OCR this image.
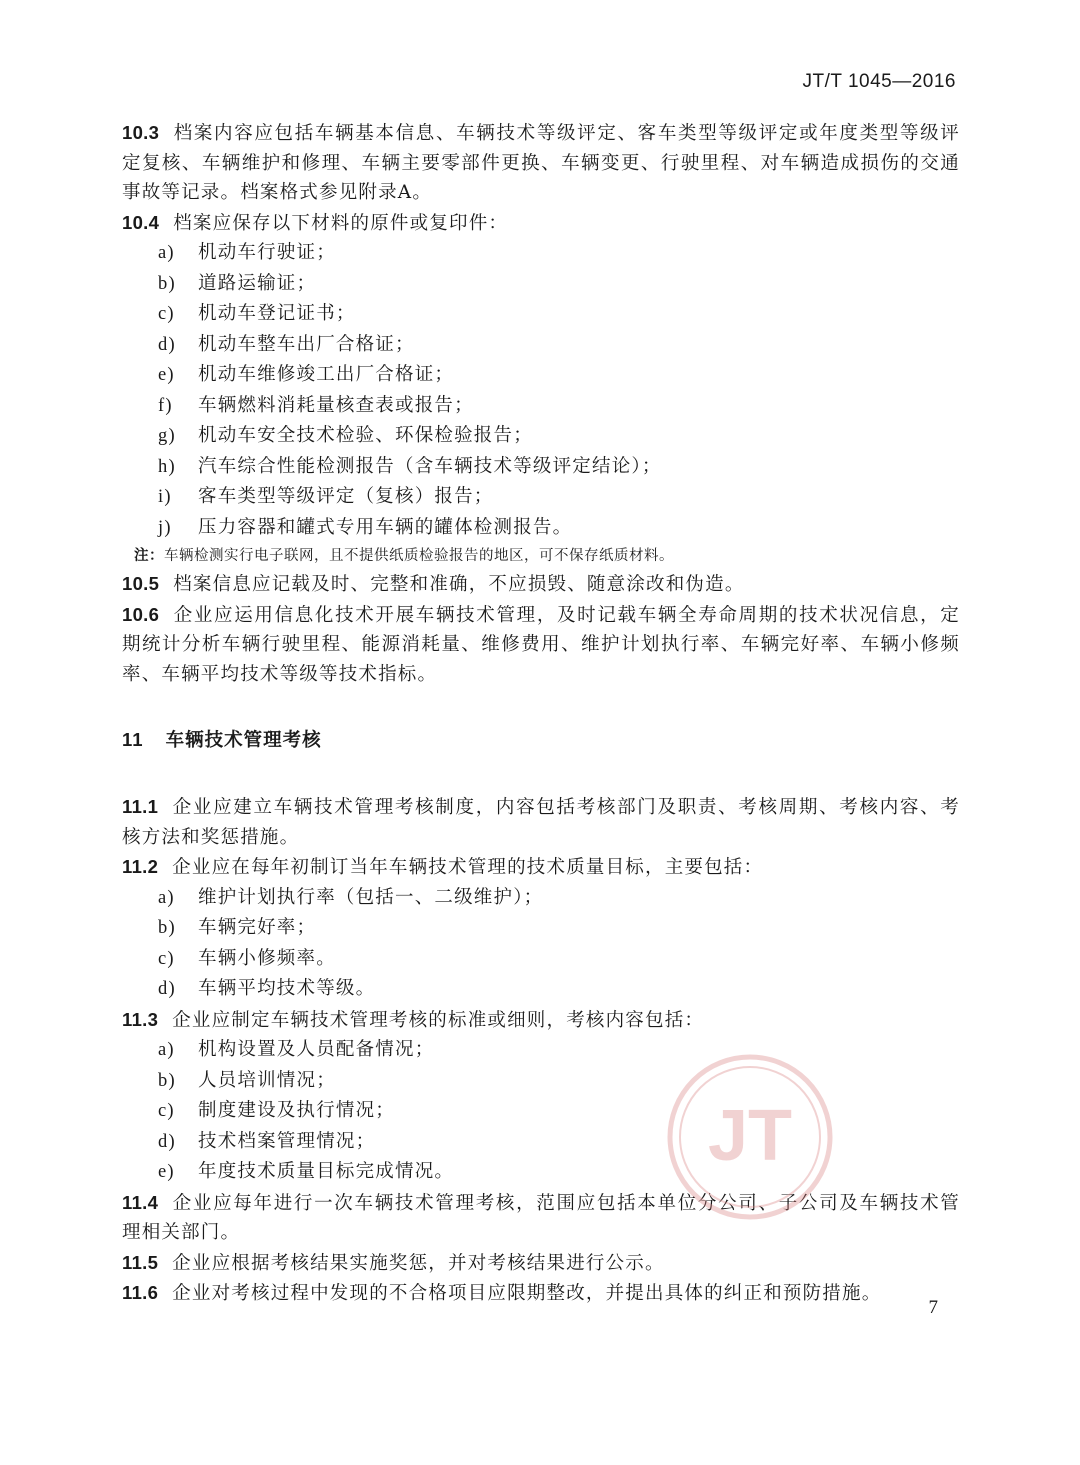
JT/T 1045—2016

10.3 档案内容应包括车辆基本信息、车辆技术等级评定、客车类型等级评定或年度类型等级评定复核、车辆维护和修理、车辆主要零部件更换、车辆变更、行驶里程、对车辆造成损伤的交通事故等记录。档案格式参见附录A。

10.4 档案应保存以下材料的原件或复印件：

a) 机动车行驶证；
b) 道路运输证；
c) 机动车登记证书；
d) 机动车整车出厂合格证；
e) 机动车维修竣工出厂合格证；
f) 车辆燃料消耗量核查表或报告；
g) 机动车安全技术检验、环保检验报告；
h) 汽车综合性能检测报告（含车辆技术等级评定结论）；
i) 客车类型等级评定（复核）报告；
j) 压力容器和罐式专用车辆的罐体检测报告。
注：车辆检测实行电子联网，且不提供纸质检验报告的地区，可不保存纸质材料。

10.5 档案信息应记载及时、完整和准确，不应损毁、随意涂改和伪造。

10.6 企业应运用信息化技术开展车辆技术管理，及时记载车辆全寿命周期的技术状况信息，定期统计分析车辆行驶里程、能源消耗量、维修费用、维护计划执行率、车辆完好率、车辆小修频率、车辆平均技术等级等技术指标。

11 车辆技术管理考核

11.1 企业应建立车辆技术管理考核制度，内容包括考核部门及职责、考核周期、考核内容、考核方法和奖惩措施。

11.2 企业应在每年初制订当年车辆技术管理的技术质量目标，主要包括：

a) 维护计划执行率（包括一、二级维护）；
b) 车辆完好率；
c) 车辆小修频率。
d) 车辆平均技术等级。

11.3 企业应制定车辆技术管理考核的标准或细则，考核内容包括：

a) 机构设置及人员配备情况；
b) 人员培训情况；
c) 制度建设及执行情况；
d) 技术档案管理情况；
e) 年度技术质量目标完成情况。

11.4 企业应每年进行一次车辆技术管理考核，范围应包括本单位分公司、子公司及车辆技术管理相关部门。

11.5 企业应根据考核结果实施奖惩，并对考核结果进行公示。

11.6 企业对考核过程中发现的不合格项目应限期整改，并提出具体的纠正和预防措施。

JT
7
